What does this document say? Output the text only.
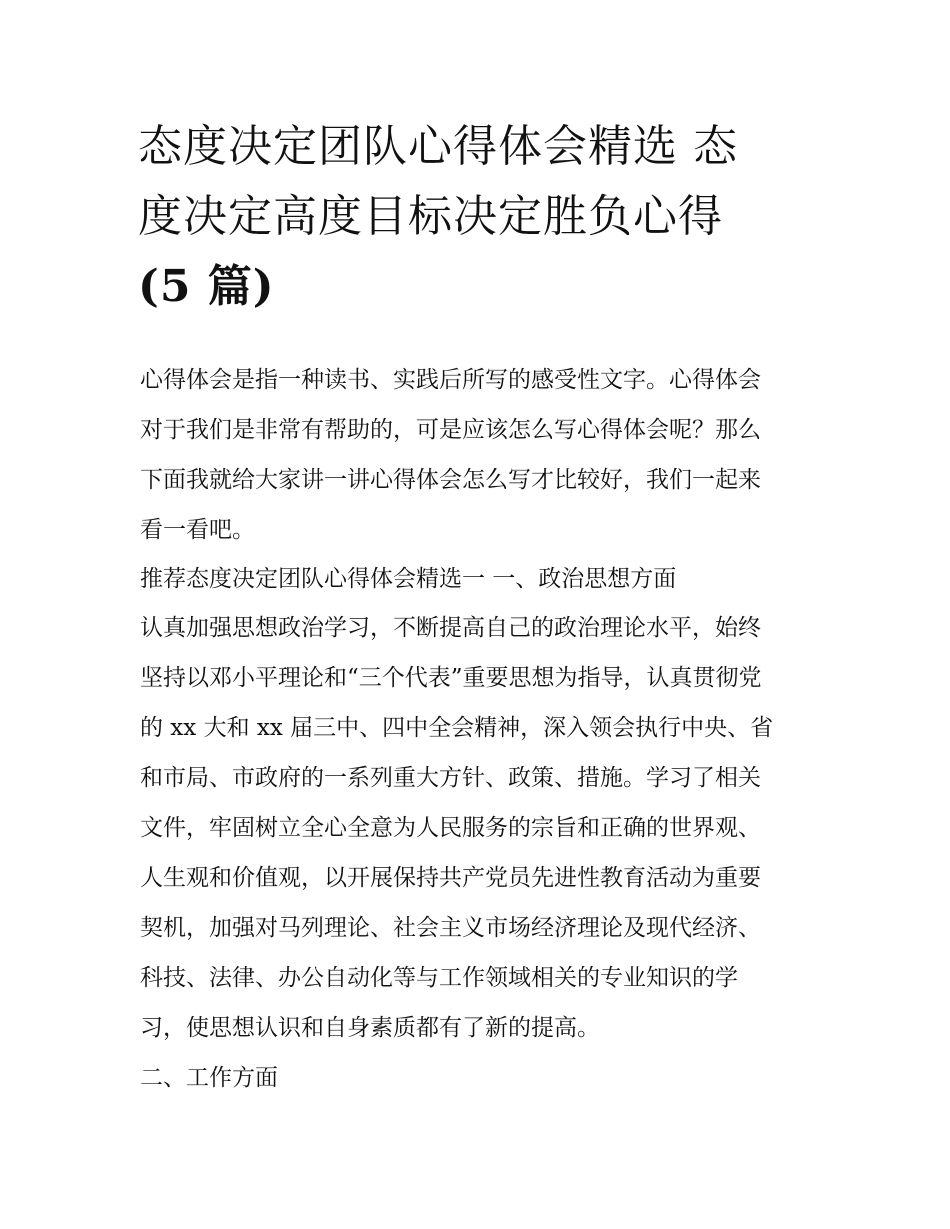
态度决定团队心得体会精选 态
度决定高度目标决定胜负心得
(5 篇)
心得体会是指一种读书、实践后所写的感受性文字。心得体会
对于我们是非常有帮助的，可是应该怎么写心得体会呢？那么
下面我就给大家讲一讲心得体会怎么写才比较好，我们一起来
看一看吧。
推荐态度决定团队心得体会精选一 一、政治思想方面
认真加强思想政治学习，不断提高自己的政治理论水平，始终
坚持以邓小平理论和“三个代表”重要思想为指导，认真贯彻党
的 xx 大和 xx 届三中、四中全会精神，深入领会执行中央、省
和市局、市政府的一系列重大方针、政策、措施。学习了相关
文件，牢固树立全心全意为人民服务的宗旨和正确的世界观、
人生观和价值观，以开展保持共产党员先进性教育活动为重要
契机，加强对马列理论、社会主义市场经济理论及现代经济、
科技、法律、办公自动化等与工作领域相关的专业知识的学
习，使思想认识和自身素质都有了新的提高。
二、工作方面
